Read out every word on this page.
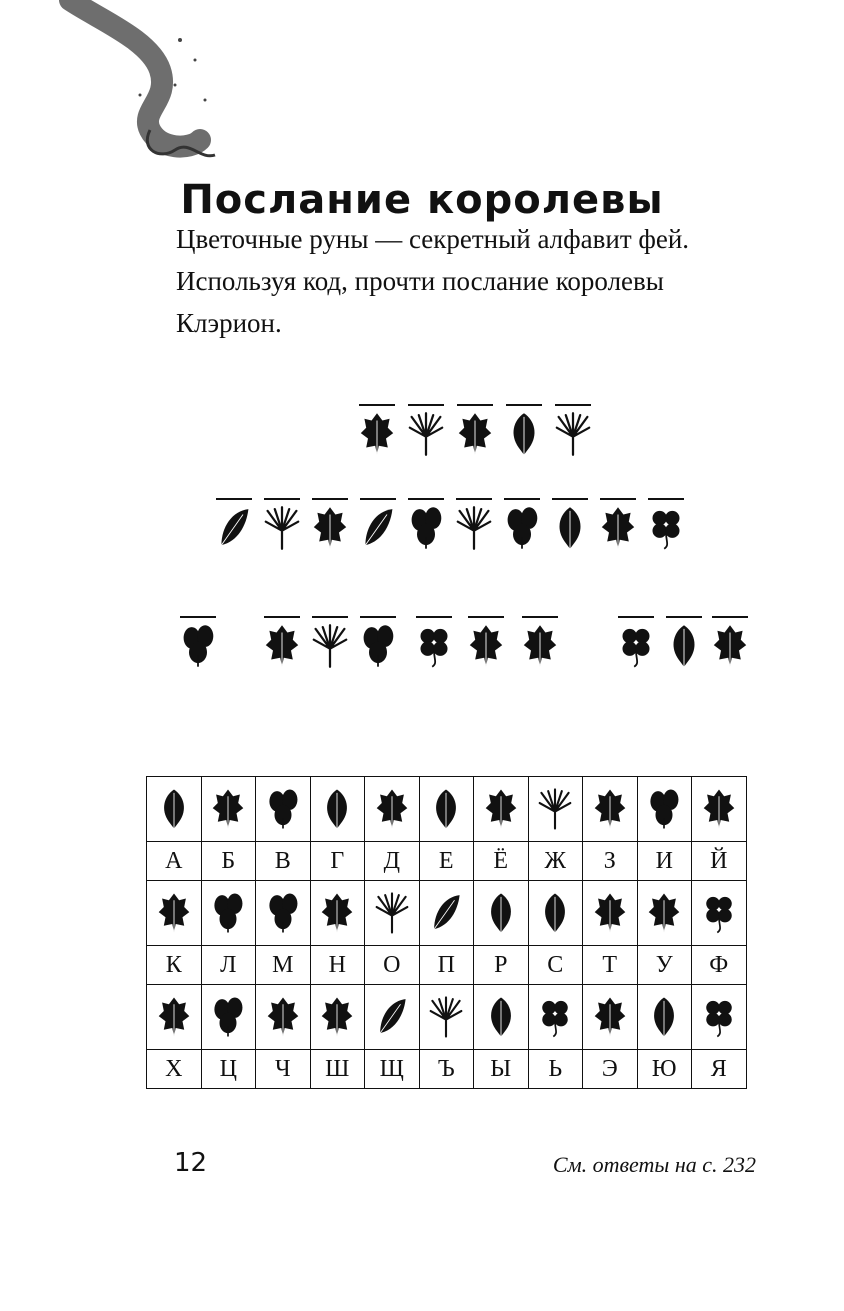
Послание королевы
Цветочные руны — секретный алфавит фей.
Используя код, прочти послание королевы
Клэрион.

А	Б	В	Г	Д	Е	Ё	Ж	З	И	Й

К	Л	М	Н	О	П	Р	С	Т	У	Ф

Х	Ц	Ч	Ш	Щ	Ъ	Ы	Ь	Э	Ю	Я
12	См. ответы на с. 232
